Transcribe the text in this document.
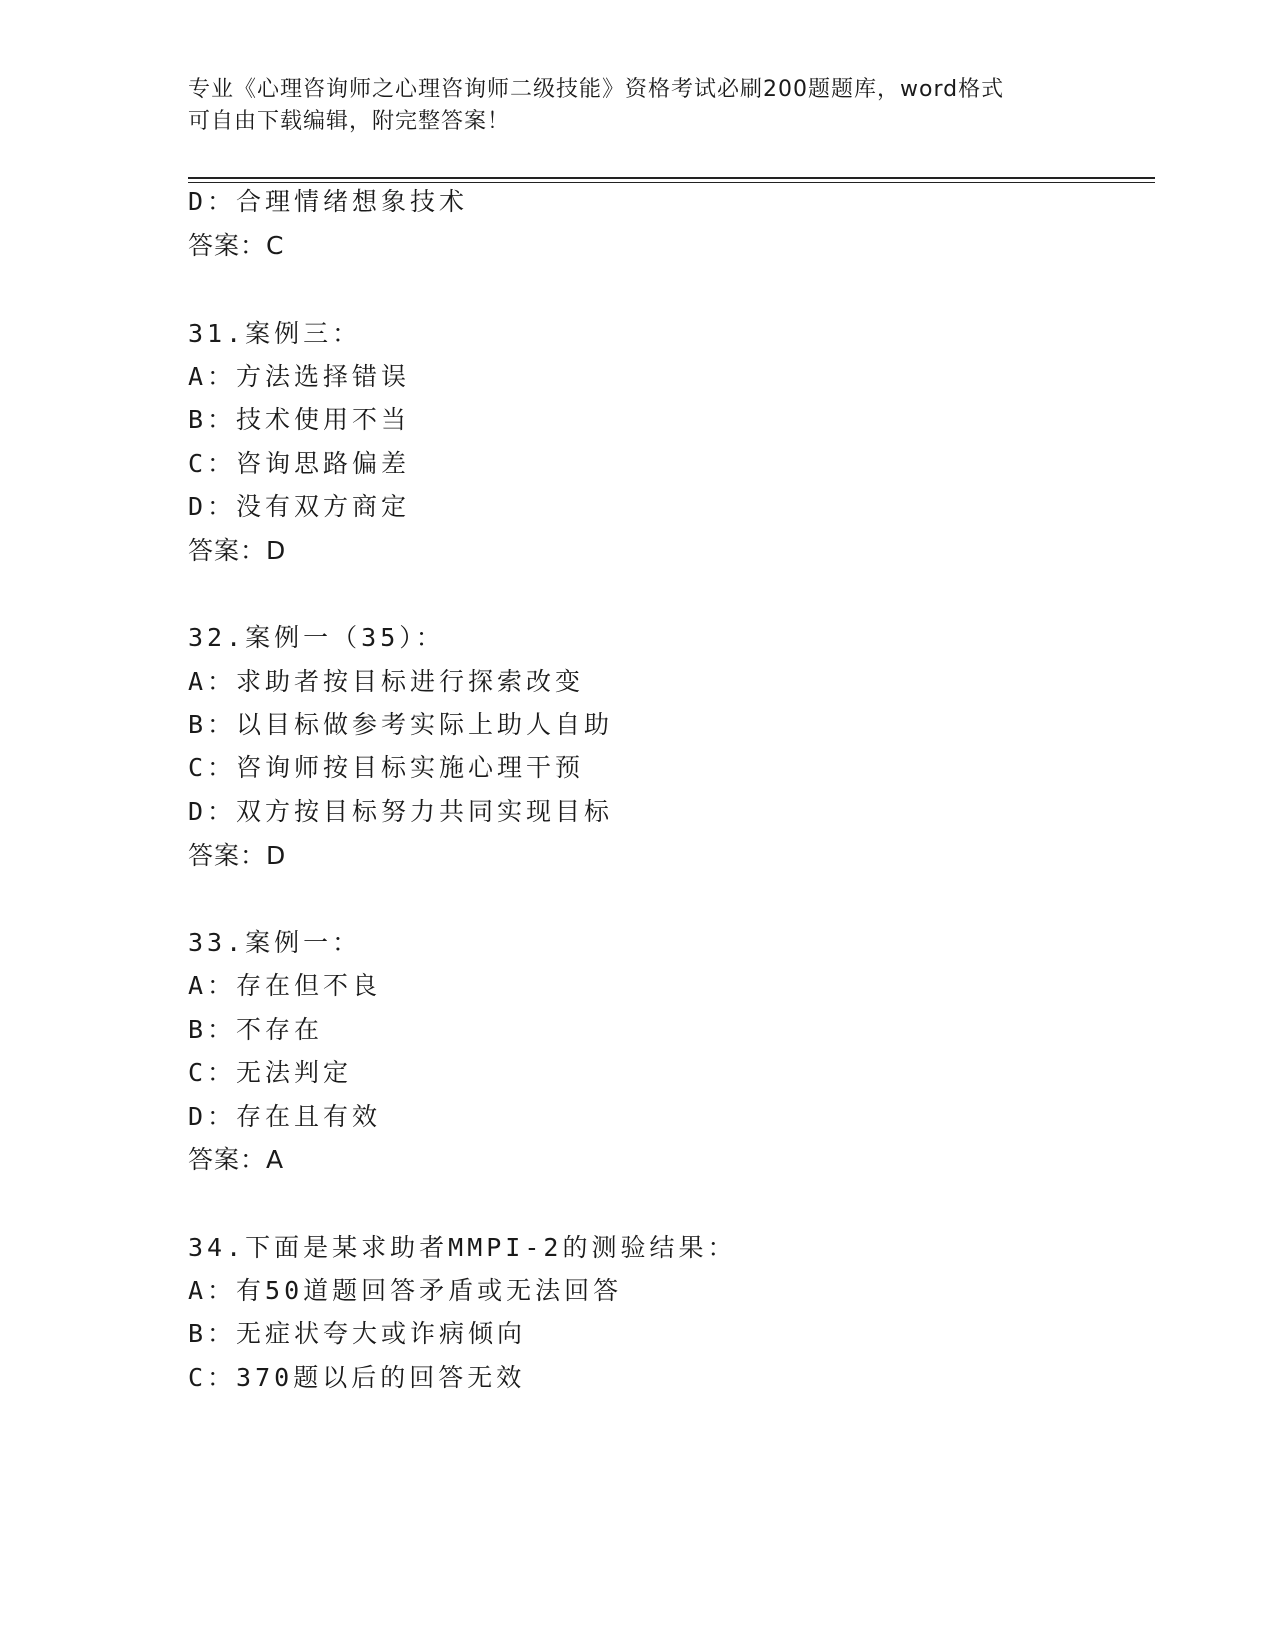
专业《心理咨询师之心理咨询师二级技能》资格考试必刷200题题库，word格式
可自由下载编辑，附完整答案！
D：合理情绪想象技术
答案：C
31.案例三：
A：方法选择错误
B：技术使用不当
C：咨询思路偏差
D：没有双方商定
答案：D
32.案例一（35）：
A：求助者按目标进行探索改变
B：以目标做参考实际上助人自助
C：咨询师按目标实施心理干预
D：双方按目标努力共同实现目标
答案：D
33.案例一：
A：存在但不良
B：不存在
C：无法判定
D：存在且有效
答案：A
34.下面是某求助者MMPI-2的测验结果：
A：有50道题回答矛盾或无法回答
B：无症状夸大或诈病倾向
C：370题以后的回答无效
